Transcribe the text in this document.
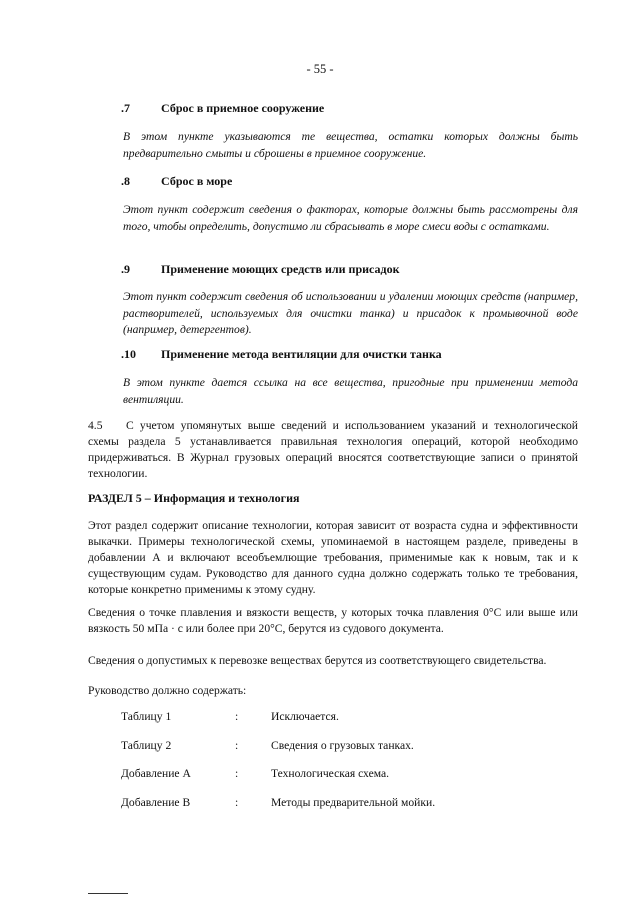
- 55 -
.7	Сброс в приемное сооружение

В этом пункте указываются те вещества, остатки которых должны быть предварительно смыты и сброшены в приемное сооружение.

.8	Сброс в море

Этот пункт содержит сведения о факторах, которые должны быть рассмотрены для того, чтобы определить, допустимо ли сбрасывать в море смеси воды с остатками.

.9	Применение моющих средств или присадок

Этот пункт содержит сведения об использовании и удалении моющих средств (например, растворителей, используемых для очистки танка) и присадок к промывочной воде (например, детергентов).

.10 Применение метода вентиляции для очистки танка

В этом пункте дается ссылка на все вещества, пригодные при применении метода вентиляции.

4.5 С учетом упомянутых выше сведений и использованием указаний и технологической схемы раздела 5 устанавливается правильная технология операций, которой необходимо придерживаться. В Журнал грузовых операций вносятся соответствующие записи о принятой технологии.

РАЗДЕЛ 5 – Информация и технология

Этот раздел содержит описание технологии, которая зависит от возраста судна и эффективности выкачки. Примеры технологической схемы, упоминаемой в настоящем разделе, приведены в добавлении А и включают всеобъемлющие требования, применимые как к новым, так и к существующим судам. Руководство для данного судна должно содержать только те требования, которые конкретно применимы к этому судну.

Сведения о точке плавления и вязкости веществ, у которых точка плавления 0°C или выше или вязкость 50 мПа · с или более при 20°C, берутся из судового документа.

Сведения о допустимых к перевозке веществах берутся из соответствующего свидетельства.

Руководство должно содержать:

Таблицу 1	:	Исключается.
Таблицу 2	:	Сведения о грузовых танках.
Добавление А	:	Технологическая схема.
Добавление В	:	Методы предварительной мойки.
